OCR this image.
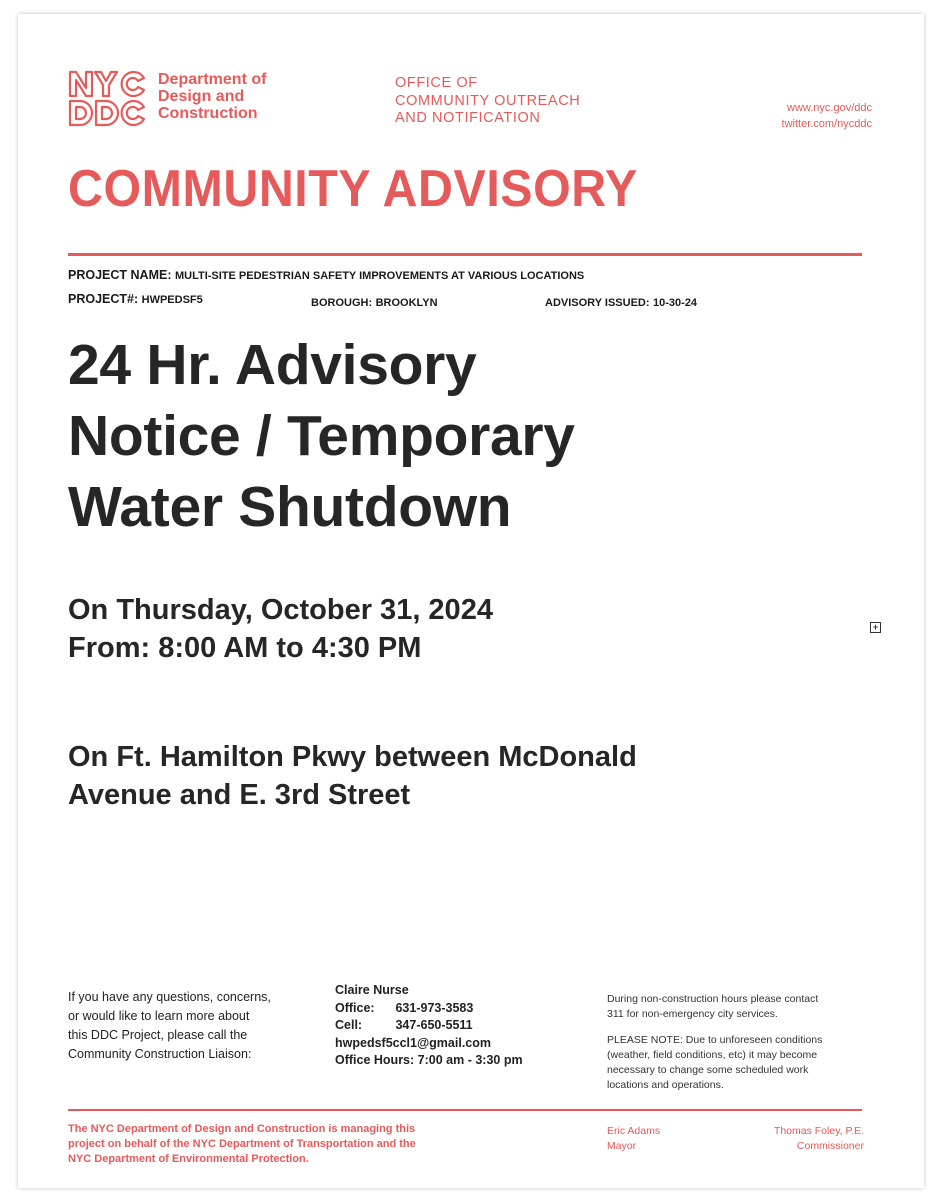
Department of
Design and
Construction
OFFICE OF
COMMUNITY OUTREACH
AND NOTIFICATION
www.nyc.gov/ddc
twitter.com/nycddc
COMMUNITY ADVISORY
PROJECT NAME: MULTI-SITE PEDESTRIAN SAFETY IMPROVEMENTS AT VARIOUS LOCATIONS
PROJECT#: HWPEDSF5	BOROUGH: BROOKLYN	ADVISORY ISSUED: 10-30-24
24 Hr. Advisory
Notice / Temporary
Water Shutdown
On Thursday, October 31, 2024
From: 8:00 AM to 4:30 PM
+
On Ft. Hamilton Pkwy between McDonald
Avenue and E. 3rd Street
If you have any questions, concerns,
or would like to learn more about
this DDC Project, please call the
Community Construction Liaison:
Claire Nurse
Office: 631-973-3583
Cell:	347-650-5511
hwpedsf5ccl1@gmail.com
Office Hours: 7:00 am - 3:30 pm

During non-construction hours please contact
311 for non-emergency city services.

PLEASE NOTE: Due to unforeseen conditions
(weather, field conditions, etc) it may become
necessary to change some scheduled work
locations and operations.

The NYC Department of Design and Construction is managing this
project on behalf of the NYC Department of Transportation and the
NYC Department of Environmental Protection.
Eric Adams
Mayor
Thomas Foley, P.E.
Commissioner
